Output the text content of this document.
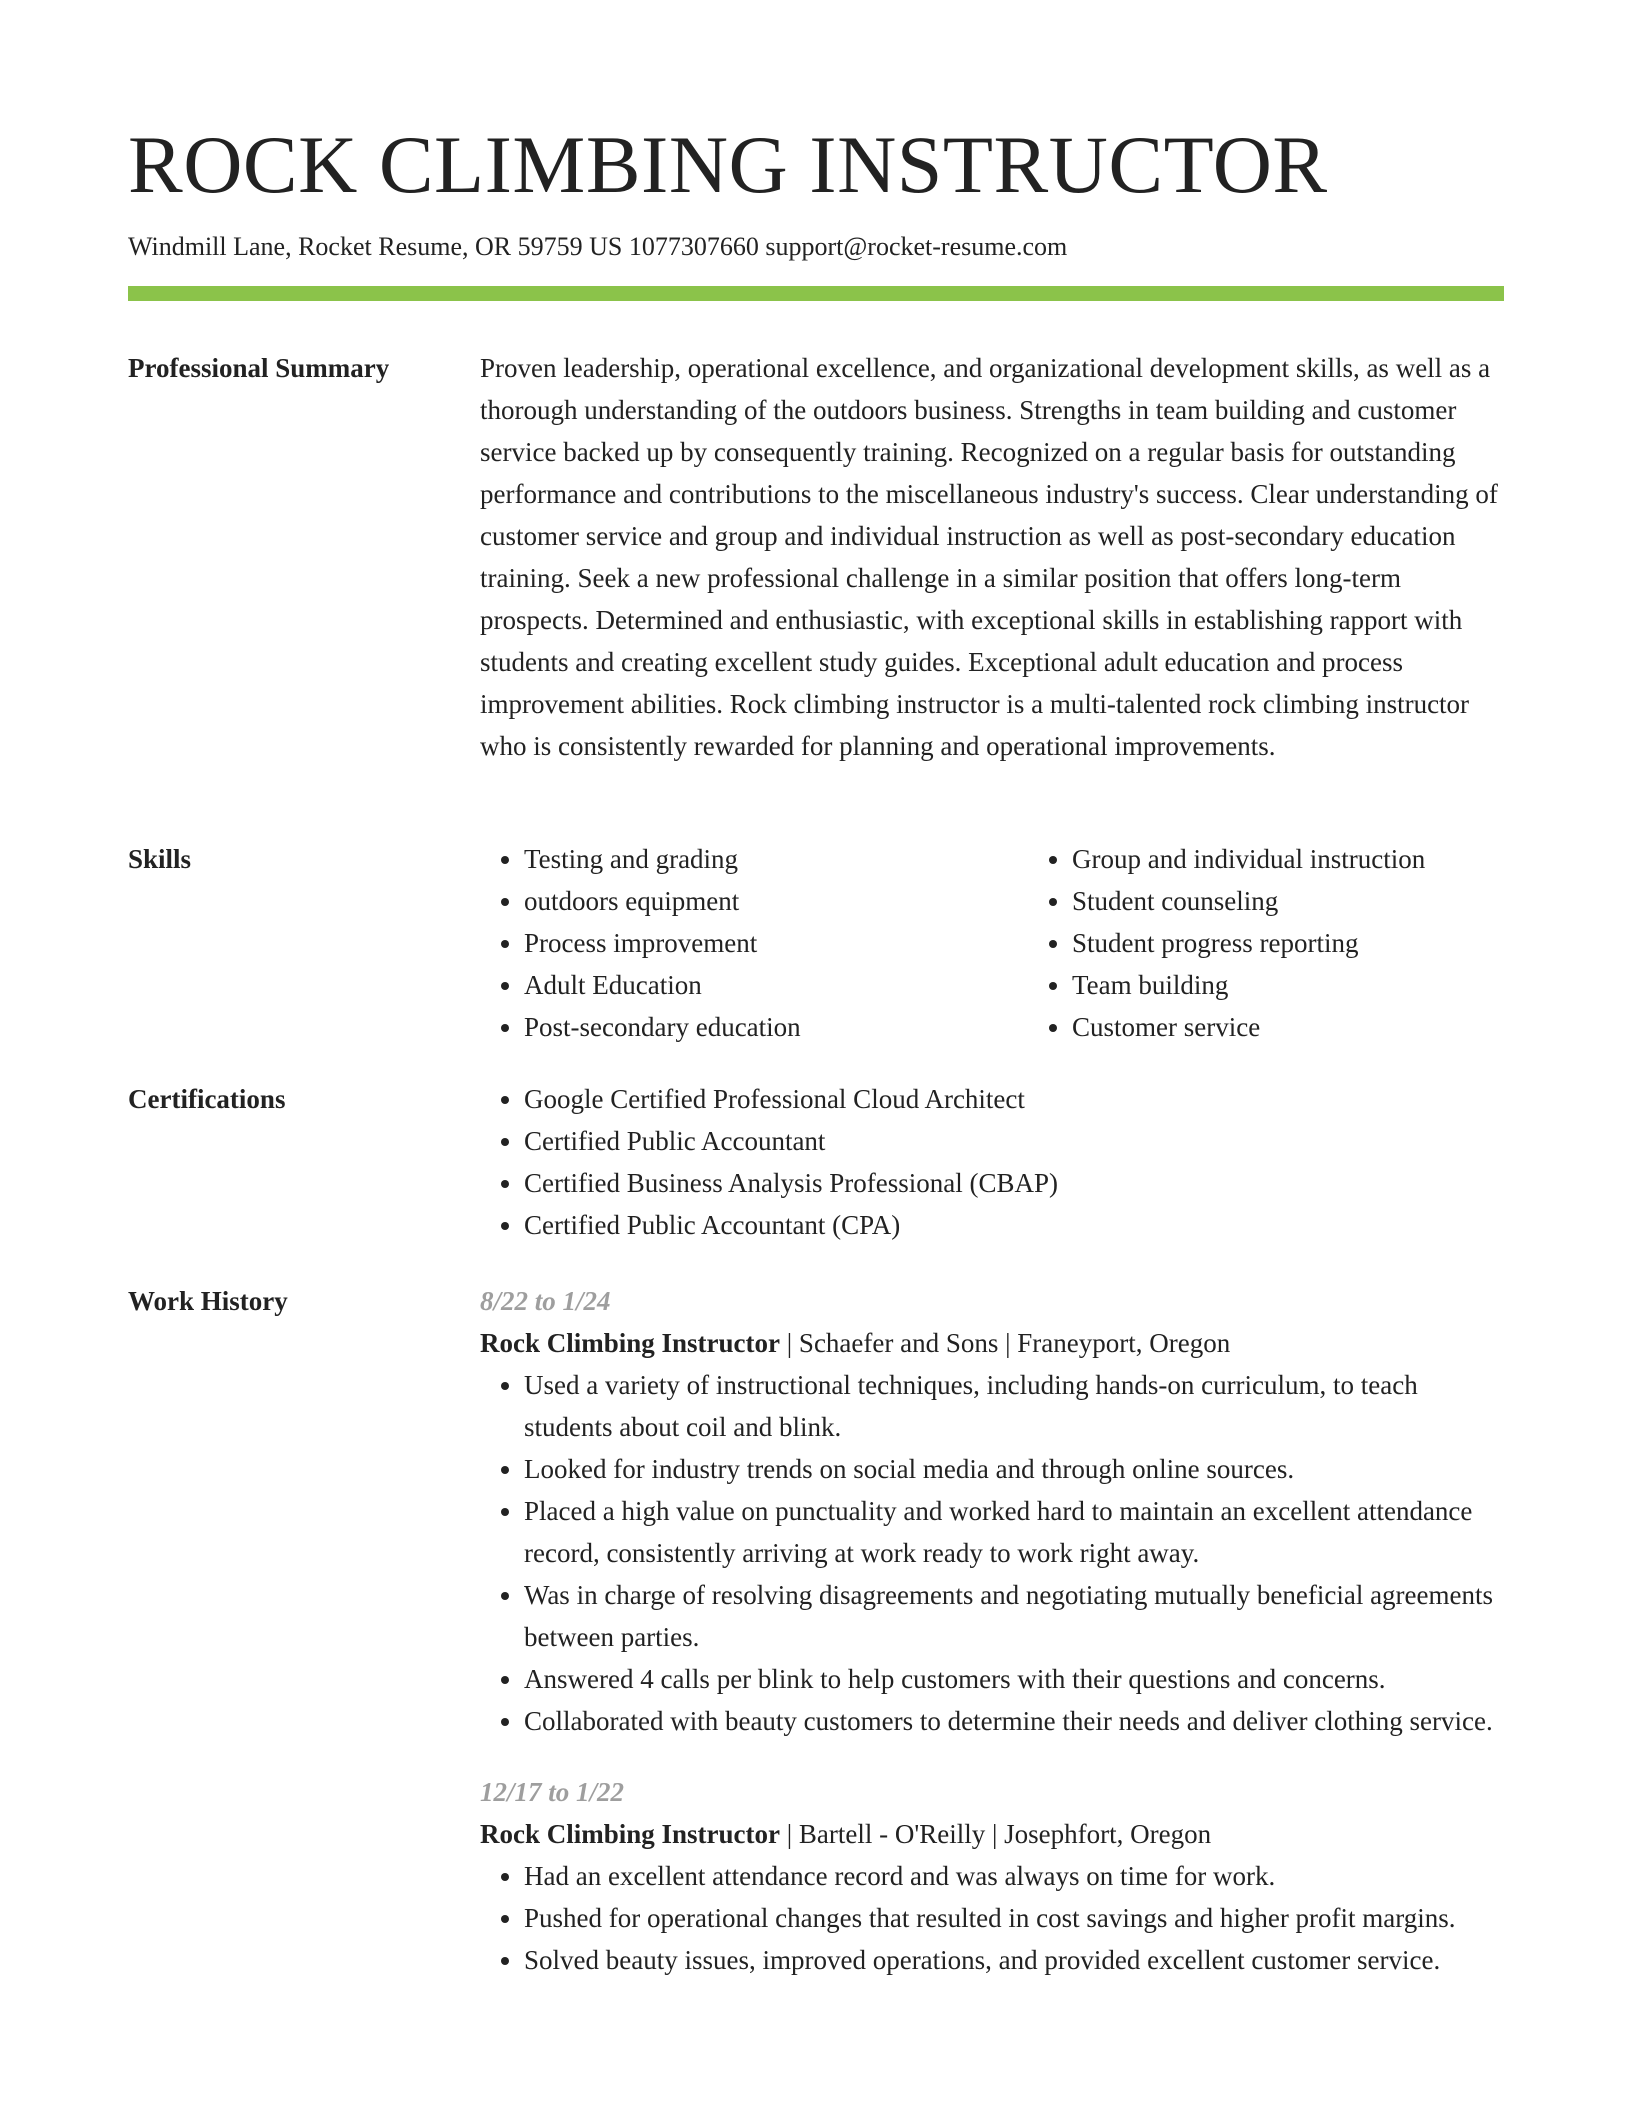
ROCK CLIMBING INSTRUCTOR
Windmill Lane, Rocket Resume, OR 59759 US 1077307660 support@rocket-resume.com
Professional Summary	Proven leadership, operational excellence, and organizational development skills, as well as a thorough understanding of the outdoors business. Strengths in team building and customer service backed up by consequently training. Recognized on a regular basis for outstanding performance and contributions to the miscellaneous industry's success. Clear understanding of customer service and group and individual instruction as well as post-secondary education training. Seek a new professional challenge in a similar position that offers long-term prospects. Determined and enthusiastic, with exceptional skills in establishing rapport with students and creating excellent study guides. Exceptional adult education and process improvement abilities. Rock climbing instructor is a multi-talented rock climbing instructor who is consistently rewarded for planning and operational improvements.

Skills	• Testing and grading
• outdoors equipment
• Process improvement
• Adult Education
• Post-secondary education
• Group and individual instruction
• Student counseling
• Student progress reporting
• Team building
• Customer service
Certifications	• Google Certified Professional Cloud Architect
• Certified Public Accountant
• Certified Business Analysis Professional (CBAP)
• Certified Public Accountant (CPA)
Work History	8/22 to 1/24
Rock Climbing Instructor | Schaefer and Sons | Franeyport, Oregon
• Used a variety of instructional techniques, including hands-on curriculum, to teach students about coil and blink.
• Looked for industry trends on social media and through online sources.
• Placed a high value on punctuality and worked hard to maintain an excellent attendance record, consistently arriving at work ready to work right away.
• Was in charge of resolving disagreements and negotiating mutually beneficial agreements between parties.
• Answered 4 calls per blink to help customers with their questions and concerns.
• Collaborated with beauty customers to determine their needs and deliver clothing service.
12/17 to 1/22
Rock Climbing Instructor | Bartell - O'Reilly | Josephfort, Oregon
• Had an excellent attendance record and was always on time for work.
• Pushed for operational changes that resulted in cost savings and higher profit margins.
• Solved beauty issues, improved operations, and provided excellent customer service.
